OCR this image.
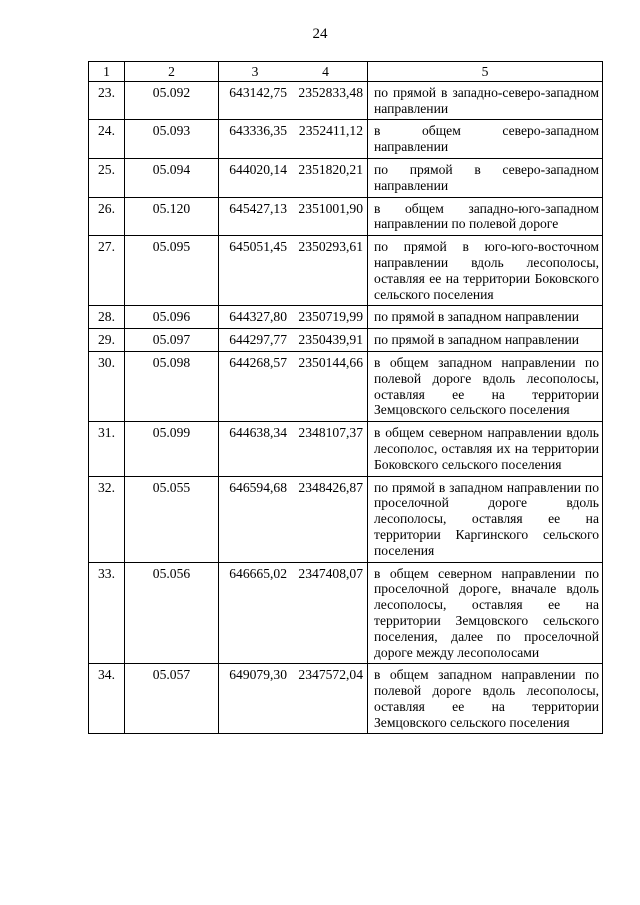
24
1	2	3	4	5
23.	05.092	643142,75	2352833,48	по прямой в западно-северо-западном направлении
24.	05.093	643336,35	2352411,12	в общем северо-западном направлении
25.	05.094	644020,14	2351820,21	по прямой в северо-западном направлении
26.	05.120	645427,13	2351001,90	в общем западно-юго-западном направлении по полевой дороге
27.	05.095	645051,45	2350293,61	по прямой в юго-юго-восточном направлении вдоль лесополосы, оставляя ее на территории Боковского сельского поселения
28.	05.096	644327,80	2350719,99	по прямой в западном направлении
29.	05.097	644297,77	2350439,91	по прямой в западном направлении
30.	05.098	644268,57	2350144,66	в общем западном направлении по полевой дороге вдоль лесополосы, оставляя ее на территории Земцовского сельского поселения
31.	05.099	644638,34	2348107,37	в общем северном направлении вдоль лесополос, оставляя их на территории Боковского сельского поселения
32.	05.055	646594,68	2348426,87	по прямой в западном направлении по проселочной дороге вдоль лесополосы, оставляя ее на территории Каргинского сельского поселения
33.	05.056	646665,02	2347408,07	в общем северном направлении по проселочной дороге, вначале вдоль лесополосы, оставляя ее на территории Земцовского сельского поселения, далее по проселочной дороге между лесополосами
34.	05.057	649079,30	2347572,04	в общем западном направлении по полевой дороге вдоль лесополосы, оставляя ее на территории Земцовского сельского поселения
